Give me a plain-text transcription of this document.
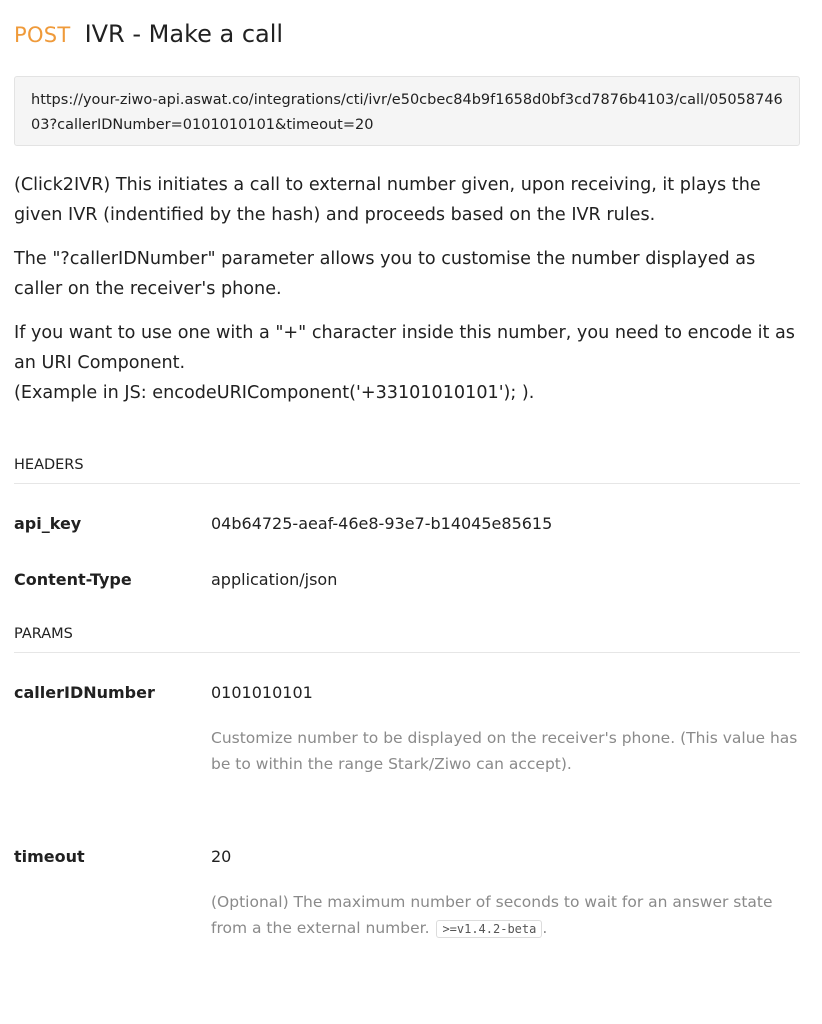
POST IVR - Make a call
https://your-ziwo-api.aswat.co/integrations/cti/ivr/e50cbec84b9f1658d0bf3cd7876b4103/call/0505874603?callerIDNumber=0101010101&timeout=20

(Click2IVR) This initiates a call to external number given, upon receiving, it plays the given IVR (indentified by the hash) and proceeds based on the IVR rules.

The "?callerIDNumber" parameter allows you to customise the number displayed as caller on the receiver's phone.

If you want to use one with a "+" character inside this number, you need to encode it as an URI Component.
(Example in JS: encodeURIComponent('+33101010101'); ).

HEADERS
api_key	04b64725-aeaf-46e8-93e7-b14045e85615
Content-Type	application/json
PARAMS
callerIDNumber	0101010101
Customize number to be displayed on the receiver's phone. (This value has be to within the range Stark/Ziwo can accept).
timeout	20
(Optional) The maximum number of seconds to wait for an answer state from a the external number. >=v1.4.2-beta .
